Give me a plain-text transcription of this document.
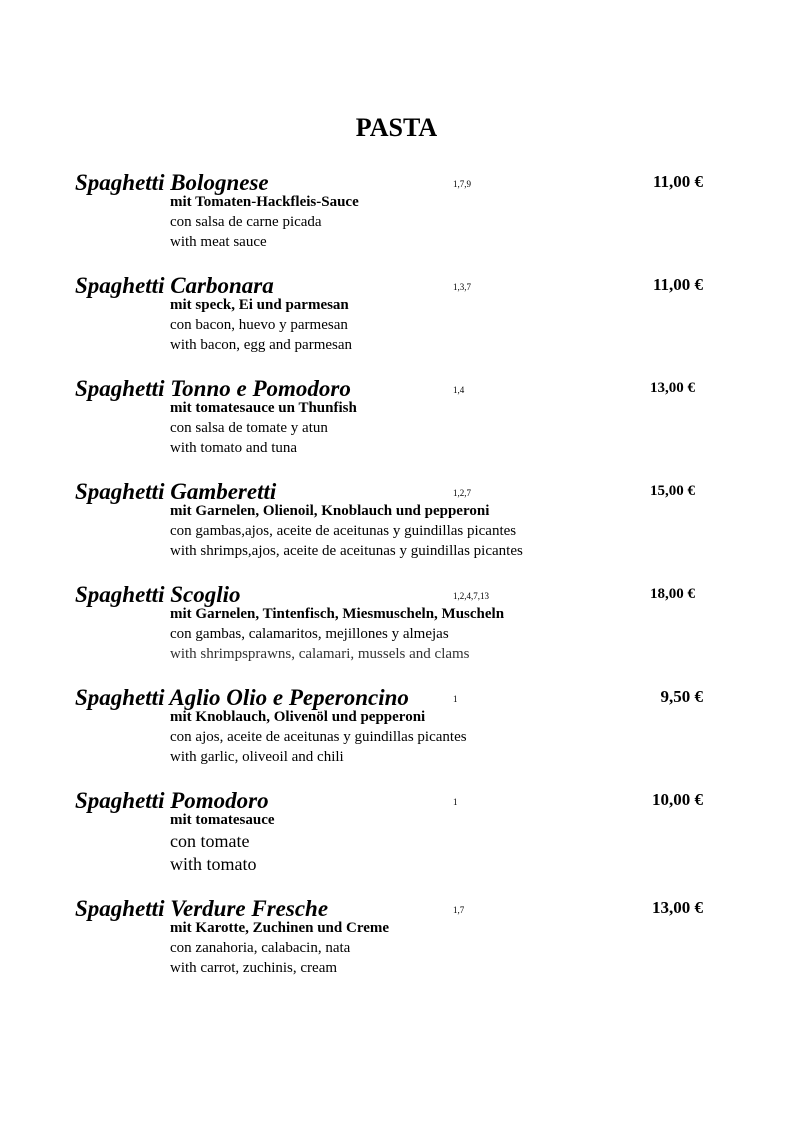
PASTA
Spaghetti Bolognese	1,7,9	11,00 €
mit Tomaten-Hackfleis-Sauce
con salsa de carne picada
with meat sauce
Spaghetti Carbonara	1,3,7	11,00 €
mit speck, Ei und parmesan
con bacon, huevo y parmesan
with bacon, egg and parmesan
Spaghetti Tonno e Pomodoro	1,4	13,00 €
mit tomatesauce un Thunfish
con salsa de tomate y atun
with tomato and tuna
Spaghetti Gamberetti	1,2,7	15,00 €
mit Garnelen, Olienoil, Knoblauch und pepperoni
con gambas,ajos, aceite de aceitunas y guindillas picantes
with shrimps,ajos, aceite de aceitunas y guindillas picantes
Spaghetti Scoglio	1,2,4,7,13	18,00 €
mit Garnelen, Tintenfisch, Miesmuscheln, Muscheln
con gambas, calamaritos, mejillones y almejas
with shrimpsprawns, calamari, mussels and clams
Spaghetti Aglio Olio e Peperoncino	1	9,50 €
mit Knoblauch, Olivenöl und pepperoni
con ajos, aceite de aceitunas y guindillas picantes
with garlic, oliveoil and chili
Spaghetti Pomodoro	1	10,00 €
mit tomatesauce
con tomate
with tomato
Spaghetti Verdure Fresche	1,7	13,00 €
mit Karotte, Zuchinen und Creme
con zanahoria, calabacin, nata
with carrot, zuchinis, cream
